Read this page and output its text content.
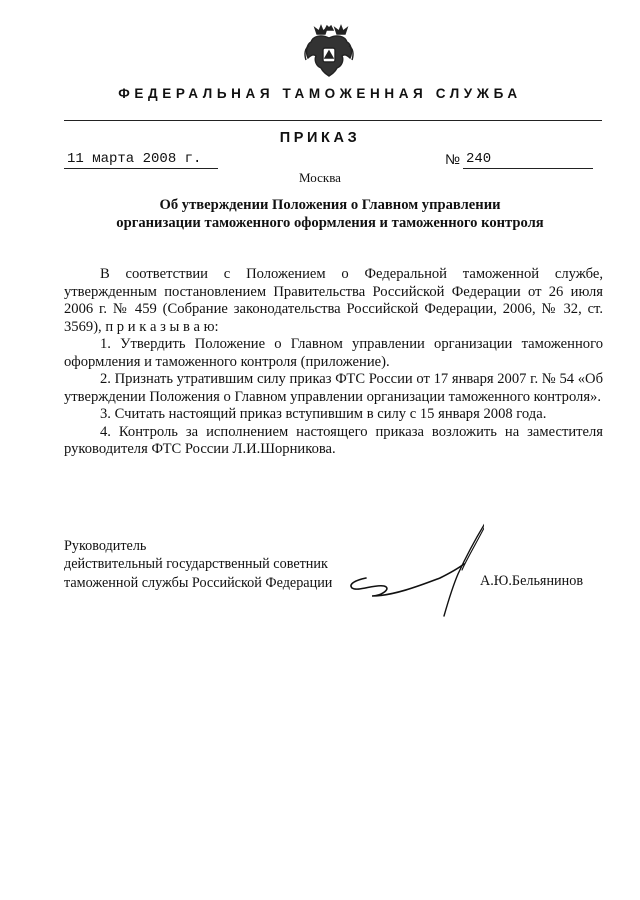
ФЕДЕРАЛЬНАЯ ТАМОЖЕННАЯ СЛУЖБА
ПРИКАЗ
11 марта 2008 г.	№ 240
Москва
Об утверждении Положения о Главном управлении
организации таможенного оформления и таможенного контроля

В соответствии с Положением о Федеральной таможенной службе, утвержденным постановлением Правительства Российской Федерации от 26 июля 2006 г. № 459 (Собрание законодательства Российской Федерации, 2006, № 32, ст. 3569), п р и к а з ы в а ю:

1. Утвердить Положение о Главном управлении организации таможенного оформления и таможенного контроля (приложение).

2. Признать утратившим силу приказ ФТС России от 17 января 2007 г. № 54 «Об утверждении Положения о Главном управлении организации таможенного контроля».

3. Считать настоящий приказ вступившим в силу с 15 января 2008 года.

4. Контроль за исполнением настоящего приказа возложить на заместителя руководителя ФТС России Л.И.Шорникова.

Руководитель
действительный государственный советник
таможенной службы Российской Федерации	А.Ю.Бельянинов
